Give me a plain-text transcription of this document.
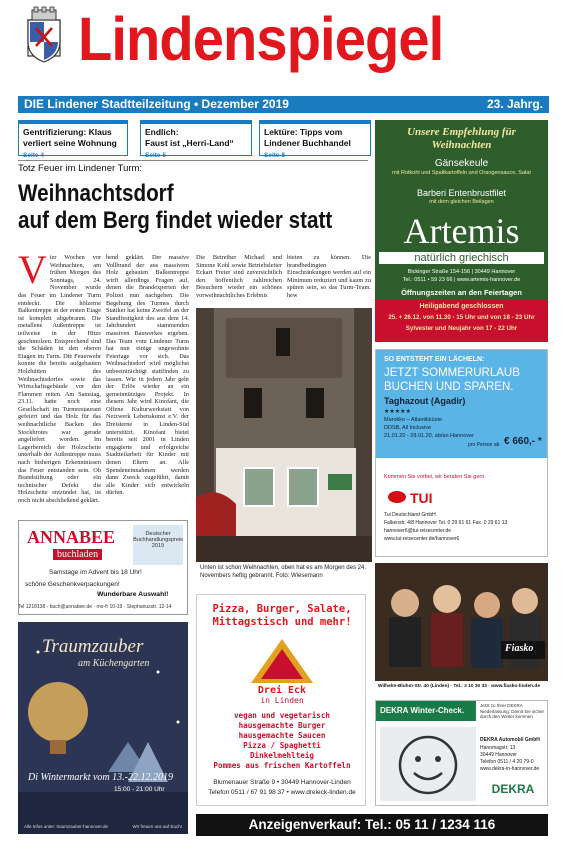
Lindenspiegel
DIE Lindener Stadtteilzeitung • Dezember 2019	23. Jahrg.
Gentrifizierung: Klaus
verliert seine Wohnung Seite 4
Endlich:
Faust ist „Herri-Land“ Seite 5
Lektüre: Tipps vom
Lindener Buchhandel Seite 8
Totz Feuer im Lindener Turm:
Weihnachtsdorf
auf dem Berg findet wieder statt
Vier Wochen vor Weihnachten, am frühen Morgen des Sonntags, 24. November wurde das Feuer im Lindener Turm entdeckt. Die hölzerne Balkentreppe in der ersten Etage ist komplett abgebrannt. Die metallene Außentreppe ist teilweise in der Hitze geschmolzen. Entsprechend sind die Schäden in den oberen Etagen im Turm. Die Feuerwehr konnte die bereits aufgebauten Holzhütten des Weihnachtsdorfes sowie das Wirtschaftsgebäude vor den Flammen retten. Am Samstag, 23.11. hatte noch eine Gesellschaft im Turmrestaurant gefeiert und das Holz für das weihnachtliche Backen des Stockbrotes war gerade angeliefert worden. Im Lagerbereich der Holzscheite unterhalb der Außentreppe muss nach bisherigen Erkenntnissen das Feuer entstanden sein. Ob Brandstiftung oder ein technischer Defekt die Holzscheite entzündet hat, ist noch nicht abschließend geklärt.
bend geklärt. Der massive Vollbrand der aus massivem Holz gebauten Balkentreppe wirft allerdings Fragen auf, denen die Brandexperten der Polizei nun nachgehen. Die Begehung des Turmes durch Statiker hat keine Zweifel an der Standfestigkeit des aus dem 14. Jahrhundert stammenden massiven Bauwerkes ergeben. Das Team vom Lindener Turm hat nun einige ungewohnte Feiertage vor sich. Das Weihnachtsdorf wird möglichst unbeeinträchtigt stattfinden zu lassen. Wie in jedem Jahr geht der Erlös wieder an ein gemeinnütziges Projekt. In diesem Jahr wird Kinofant, die Offene Kulturwerkstatt von Netzwerk Lebenskunst e.V. der Dreisterne in Linden-Süd unterstützt. Kinofant bietet bereits seit 2001 in Linden engagierte und erfolgreiche Stadtteilarbeit für Kinder mit denen Eltern an. Alle Spendeneinnahmen werden dann Zweck zugeführt, damit alle Kinder sich entwickeln dürfen.
Die Betreiber Michael und Simone Kohl sowie Betriebsleiter Eckart Freier sind zuversichtlich den hoffentlich zahlreichen Besuchern wieder ein schönes vorweihnachtliches Erlebnis
bieten zu können. Die brandbedingten Einschränkungen werden auf ein Minimum reduziert und kaum zu spüren sein, so das Turm-Team. hew
Unten ist schon Weihnachten, oben hat es am Morgen des 24. Novembers heftig gebrannt. Foto: Wiesemann
ANNABEE
buchladen
Deutscher Buchhandlungspreis 2019
Samstage im Advent bis 18 Uhr!
schöne Geschenkverpackungen!
Wunderbare Auswahl!
Tel 1218138 · buch@annabee.de · mo-fr 10-19 · Stephanusstr. 12-14
Traumzauber
am Küchengarten
Di Wintermarkt vom 13.-22.12.2019
15:00 - 21:00 Uhr
Alle Infos unter: traumzauber-hannover.de	Wir freuen uns auf Euch!
Pizza, Burger, Salate, Mittagstisch und mehr!
Drei Eck
in Linden
vegan und vegetarisch
hausgemachte Burger
hausgemachte Saucen
Pizza / Spaghetti
Dinkelmehlteig
Pommes aus frischen Kartoffeln
Blumenauer Straße 9 • 30449 Hannover-Linden
Telefon 0511 / 67 91 98 37 • www.dreieck-linden.de
Unsere Empfehlung für Weihnachten
Gänsekeule
mit Rotkohl und Spaltkartoffeln und Orangensauce, Salat
Barberi Entenbrustfilet
mit dem gleichen Beilagen
Artemis
natürlich griechisch
Bickinger Straße 154-156 | 30449 Hannover
Tel.: 0511 • 59 23 66 | www.artemis-hannover.de
Öffnungszeiten an den Feiertagen
Heiligabend geschlossen
25. + 26.12. von 11.30 - 15 Uhr und von 18 - 23 Uhr
Sylvester und Neujahr von 17 - 22 Uhr
SO ENTSTEHT EIN LÄCHELN:
JETZT SOMMERURLAUB
BUCHEN UND SPAREN.
Taghazout (Agadir)
★★★★★
Marokko – Atlantikküste
DDSB, All Inclusive
21.01.20 - 28.01.20, ab/an Hannover
pro Person ab € 660,- *
Kommen Sie vorbei, wir beraten Sie gern.
TUI
Tui Deutschland GmbH
Falkenstr. 4/8 Hannover Tel. 0 29 61 61 Fax. 0 29 61 13
hannover6@tui-reisecenter.de
www.tui-reisecenter.de/hannover6
Fiasko
Wilhelm-Bluhm-Str. 40 (Linden) · Tel.: 2 10 30 33 · www.fiasko-linden.de
DEKRA Winter-Check.
Jetzt zu Ihrer DEKRA Niederlassung: Damit Sie sicher durch den Winter kommen.
DEKRA Automobil GmbH
Hanomagstr. 13
30449 Hannover
Telefon 0511 / 4 20 79-0
www.dekra-in-hannover.de
DEKRA
Anzeigenverkauf: Tel.: 05 11 / 1234 116
